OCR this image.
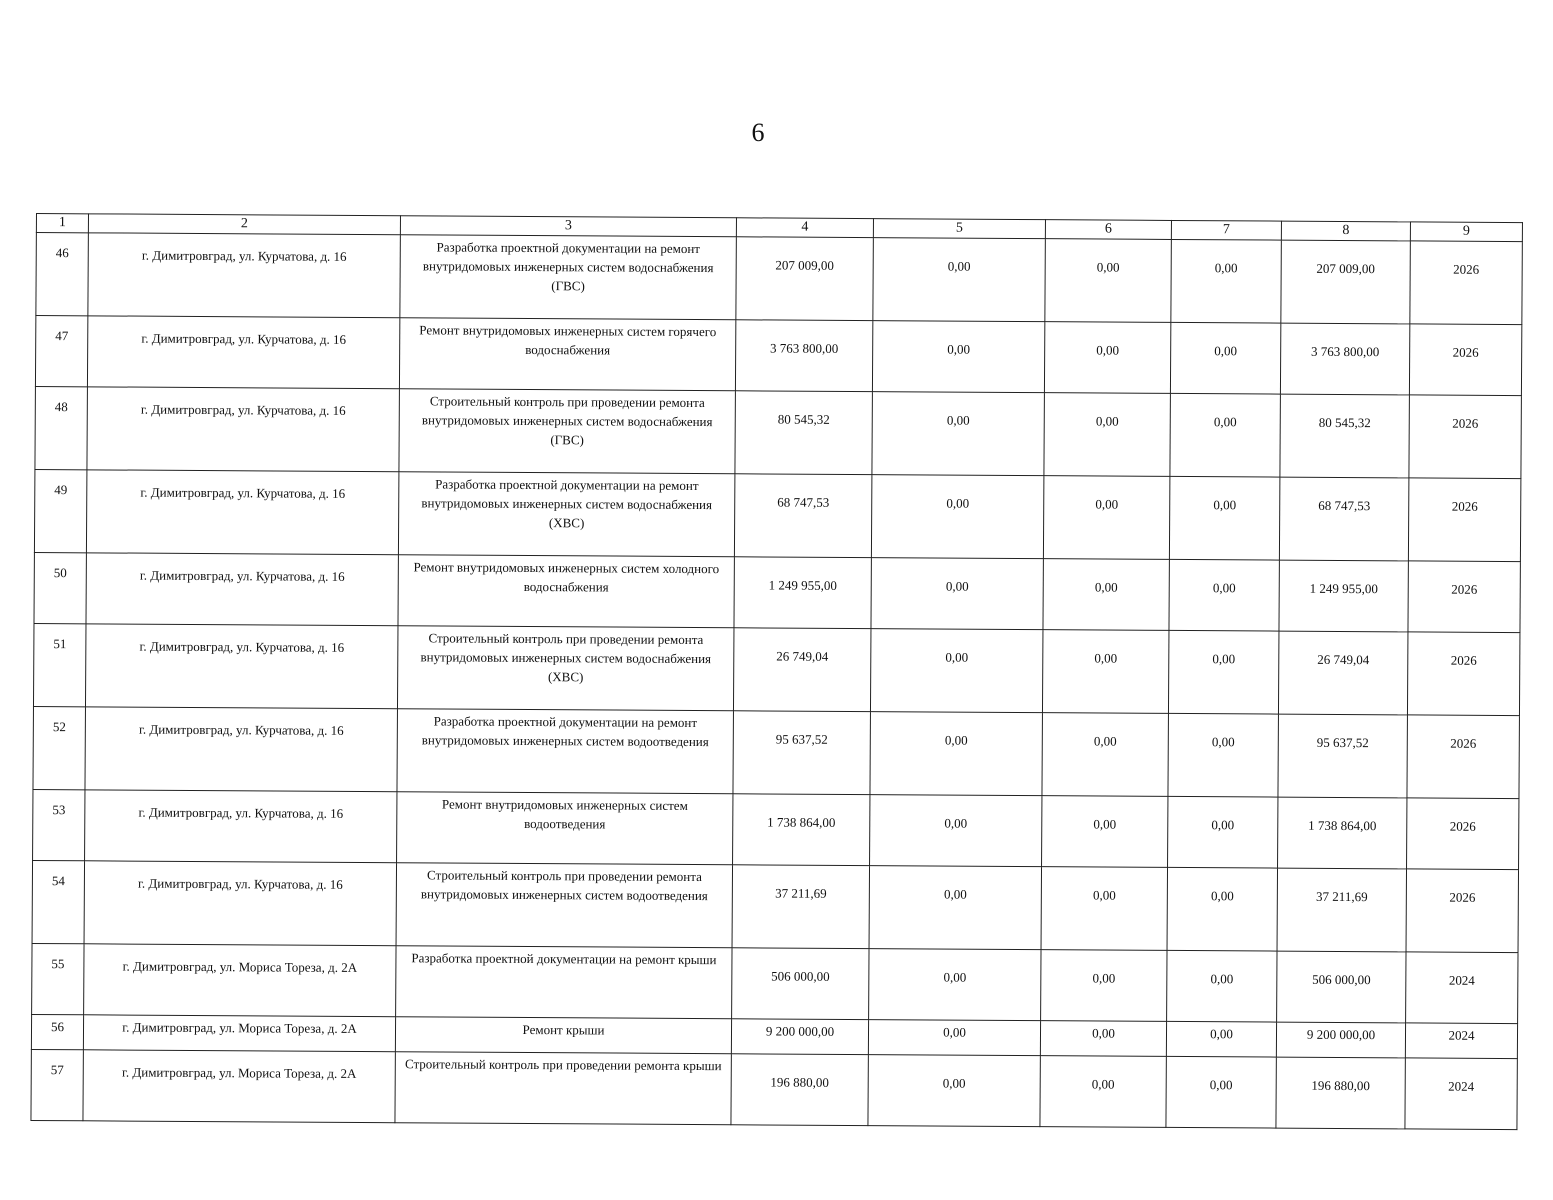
6
1	2	3	4	5	6	7	8	9
46	г. Димитровград, ул. Курчатова, д. 16	Разработка проектной документации на ремонт внутридомовых инженерных систем водоснабжения (ГВС)	207 009,00	0,00	0,00	0,00	207 009,00	2026
47	г. Димитровград, ул. Курчатова, д. 16	Ремонт внутридомовых инженерных систем горячего водоснабжения	3 763 800,00	0,00	0,00	0,00	3 763 800,00	2026
48	г. Димитровград, ул. Курчатова, д. 16	Строительный контроль при проведении ремонта внутридомовых инженерных систем водоснабжения (ГВС)	80 545,32	0,00	0,00	0,00	80 545,32	2026
49	г. Димитровград, ул. Курчатова, д. 16	Разработка проектной документации на ремонт внутридомовых инженерных систем водоснабжения (ХВС)	68 747,53	0,00	0,00	0,00	68 747,53	2026
50	г. Димитровград, ул. Курчатова, д. 16	Ремонт внутридомовых инженерных систем холодного водоснабжения	1 249 955,00	0,00	0,00	0,00	1 249 955,00	2026
51	г. Димитровград, ул. Курчатова, д. 16	Строительный контроль при проведении ремонта внутридомовых инженерных систем водоснабжения (ХВС)	26 749,04	0,00	0,00	0,00	26 749,04	2026
52	г. Димитровград, ул. Курчатова, д. 16	Разработка проектной документации на ремонт внутридомовых инженерных систем водоотведения	95 637,52	0,00	0,00	0,00	95 637,52	2026
53	г. Димитровград, ул. Курчатова, д. 16	Ремонт внутридомовых инженерных систем водоотведения	1 738 864,00	0,00	0,00	0,00	1 738 864,00	2026
54	г. Димитровград, ул. Курчатова, д. 16	Строительный контроль при проведении ремонта внутридомовых инженерных систем водоотведения	37 211,69	0,00	0,00	0,00	37 211,69	2026
55	г. Димитровград, ул. Мориса Тореза, д. 2А	Разработка проектной документации на ремонт крыши	506 000,00	0,00	0,00	0,00	506 000,00	2024
56	г. Димитровград, ул. Мориса Тореза, д. 2А	Ремонт крыши	9 200 000,00	0,00	0,00	0,00	9 200 000,00	2024
57	г. Димитровград, ул. Мориса Тореза, д. 2А	Строительный контроль при проведении ремонта крыши	196 880,00	0,00	0,00	0,00	196 880,00	2024
